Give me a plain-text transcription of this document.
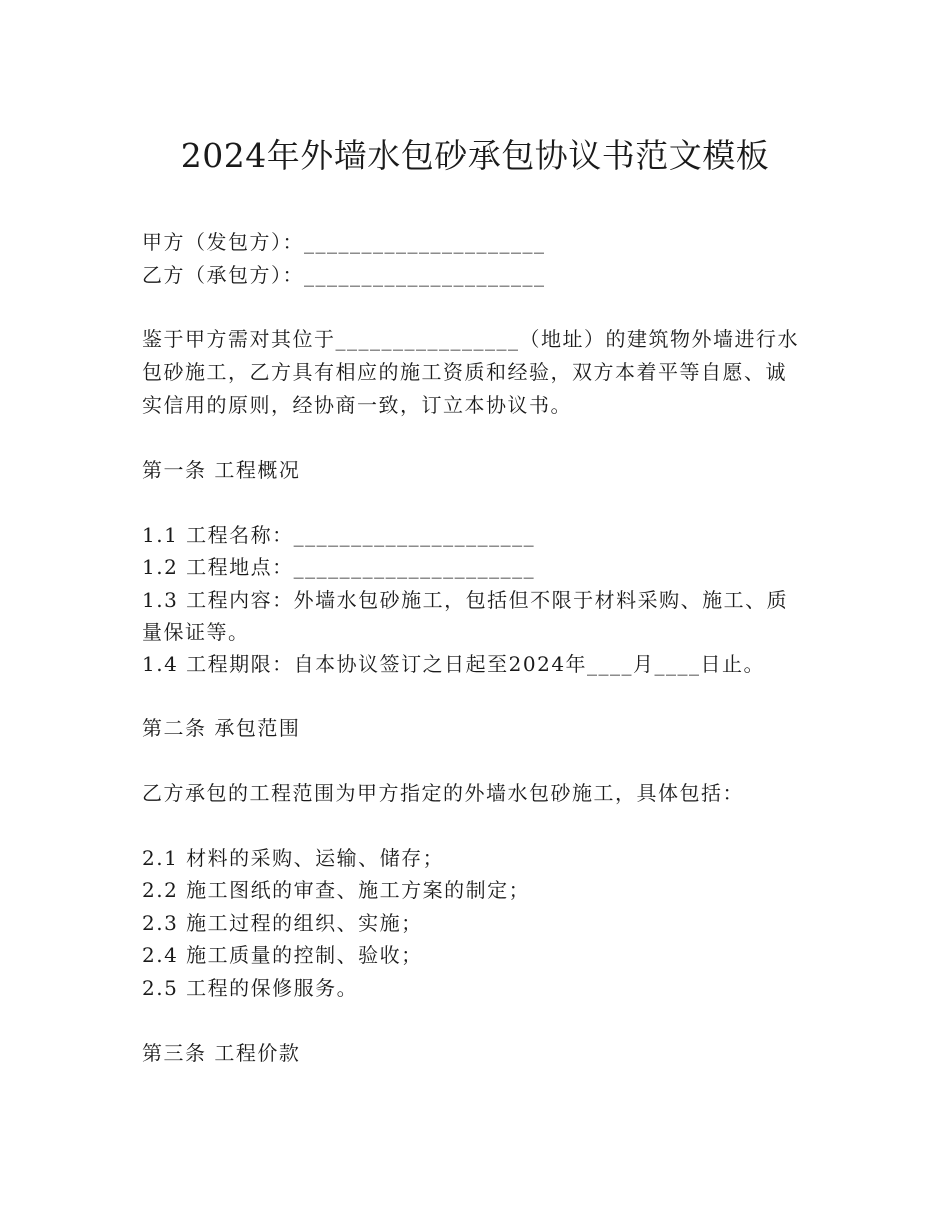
2024年外墙水包砂承包协议书范文模板
甲方（发包方）：_____________________
乙方（承包方）：_____________________
鉴于甲方需对其位于________________（地址）的建筑物外墙进行水
包砂施工，乙方具有相应的施工资质和经验，双方本着平等自愿、诚
实信用的原则，经协商一致，订立本协议书。
第一条 工程概况
1.1 工程名称：_____________________
1.2 工程地点：_____________________
1.3 工程内容：外墙水包砂施工，包括但不限于材料采购、施工、质
量保证等。
1.4 工程期限：自本协议签订之日起至2024年____月____日止。
第二条 承包范围
乙方承包的工程范围为甲方指定的外墙水包砂施工，具体包括：
2.1 材料的采购、运输、储存；
2.2 施工图纸的审查、施工方案的制定；
2.3 施工过程的组织、实施；
2.4 施工质量的控制、验收；
2.5 工程的保修服务。
第三条 工程价款
